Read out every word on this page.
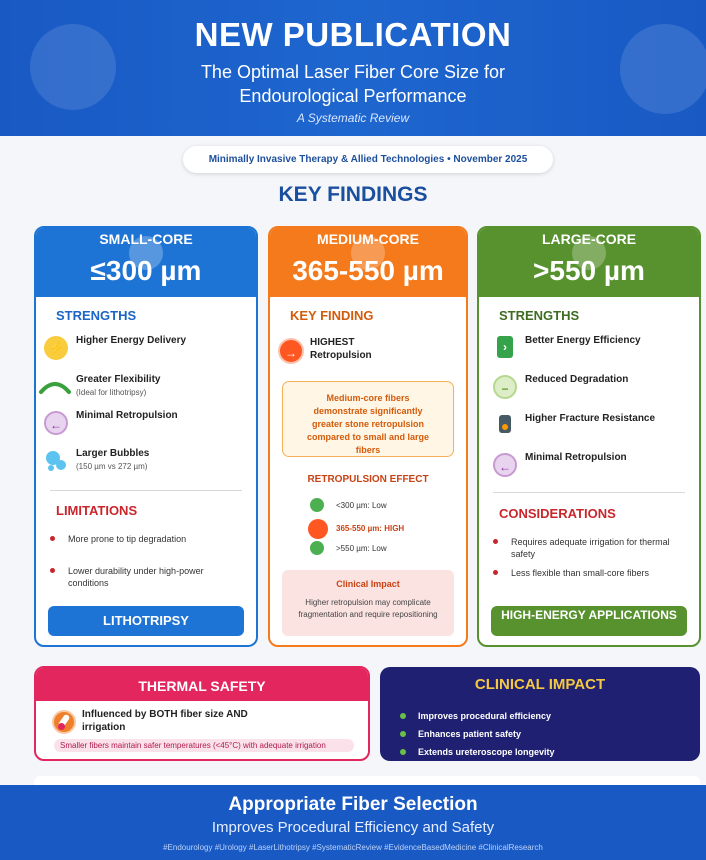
NEW PUBLICATION
The Optimal Laser Fiber Core Size for
Endourological Performance
A Systematic Review
Minimally Invasive Therapy & Allied Technologies • November 2025
KEY FINDINGS
SMALL-CORE
≤300 µm
STRENGTHS
⚡
Higher Energy Delivery
Greater Flexibility
(Ideal for lithotripsy)
←
Minimal Retropulsion
Larger Bubbles
(150 µm vs 272 µm)
LIMITATIONS
More prone to tip degradation
Lower durability under high-power conditions
LITHOTRIPSY
MEDIUM-CORE
365-550 µm
KEY FINDING
→
HIGHEST Retropulsion
Medium-core fibers demonstrate significantly greater stone retropulsion compared to small and large fibers
RETROPULSION EFFECT
<300 µm: Low
365-550 µm: HIGH
>550 µm: Low
Clinical Impact
Higher retropulsion may complicate fragmentation and require repositioning
LARGE-CORE
>550 µm
STRENGTHS
›	Better Energy Efficiency
−
Reduced Degradation
Higher Fracture Resistance
←
Minimal Retropulsion
CONSIDERATIONS
Requires adequate irrigation for thermal safety
Less flexible than small-core fibers
HIGH-ENERGY APPLICATIONS
THERMAL SAFETY
Influenced by BOTH fiber size AND irrigation
Smaller fibers maintain safer temperatures (<45°C) with adequate irrigation
CLINICAL IMPACT
Improves procedural efficiency
Enhances patient safety
Extends ureteroscope longevity
Appropriate Fiber Selection
Improves Procedural Efficiency and Safety
#Endourology #Urology #LaserLithotripsy #SystematicReview #EvidenceBasedMedicine #ClinicalResearch
